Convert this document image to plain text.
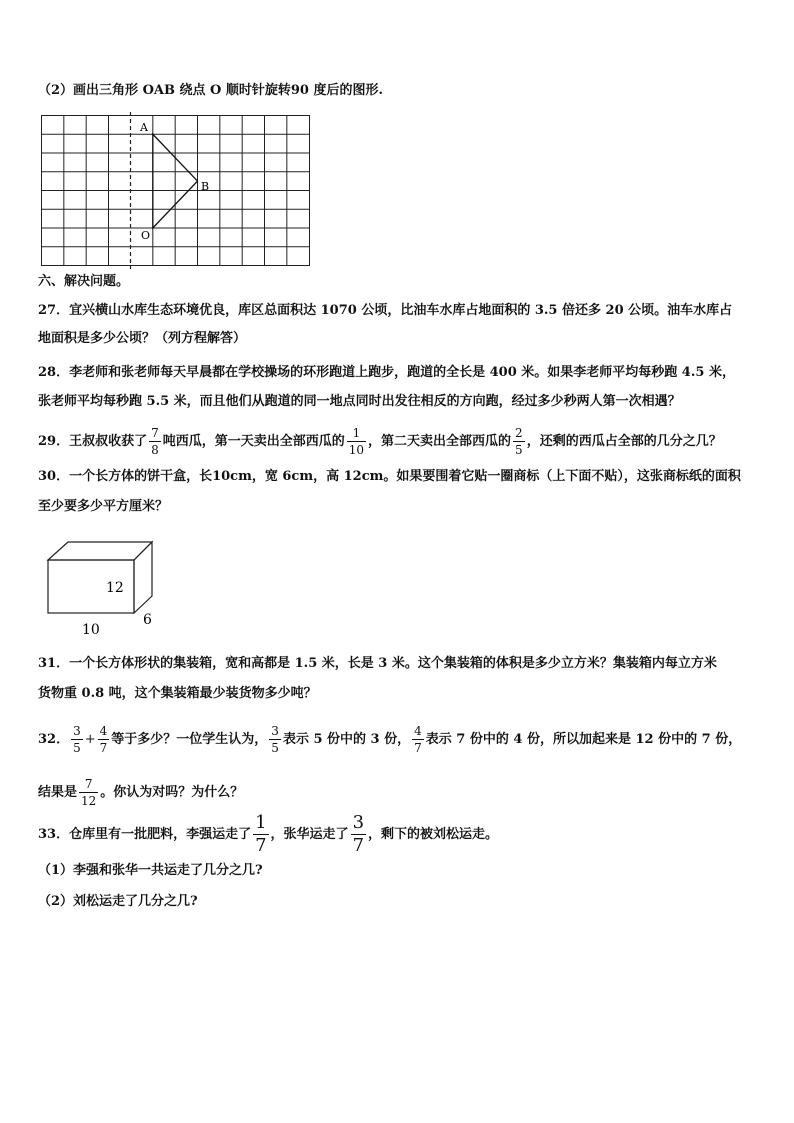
（2）画出三角形 OAB 绕点 O 顺时针旋转90 度后的图形.
A
B
O
六、解决问题。
27．宜兴横山水库生态环境优良，库区总面积达 1070 公顷，比油车水库占地面积的 3.5 倍还多 20 公顷。油车水库占
地面积是多少公顷？（列方程解答）
28．李老师和张老师每天早晨都在学校操场的环形跑道上跑步，跑道的全长是 400 米。如果李老师平均每秒跑 4.5 米，
张老师平均每秒跑 5.5 米，而且他们从跑道的同一地点同时出发往相反的方向跑，经过多少秒两人第一次相遇？
29．王叔叔收获了 $\frac{7}{8}$ 吨西瓜，第一天卖出全部西瓜的 $\frac{1}{10}$ ，第二天卖出全部西瓜的 $\frac{2}{5}$ ，还剩的西瓜占全部的几分之几？
30．一个长方体的饼干盒，长10cm，宽 6cm，高 12cm。如果要围着它贴一圈商标（上下面不贴），这张商标纸的面积
至少要多少平方厘米？
12
10
6
31．一个长方体形状的集装箱，宽和高都是 1.5 米，长是 3 米。这个集装箱的体积是多少立方米？集装箱内每立方米
货物重 0.8 吨，这个集装箱最少装货物多少吨？
32． $\frac{3}{5} + \frac{4}{7}$ 等于多少？一位学生认为， $\frac{3}{5}$ 表示 5 份中的 3 份， $\frac{4}{7}$ 表示 7 份中的 4 份，所以加起来是 12 份中的 7 份，
结果是 $\frac{7}{12}$ 。你认为对吗？为什么？
33．仓库里有一批肥料，李强运走了 $\frac{1}{7}$ ，张华运走了 $\frac{3}{7}$ ，剩下的被刘松运走。
（1）李强和张华一共运走了几分之几?
（2）刘松运走了几分之几?
